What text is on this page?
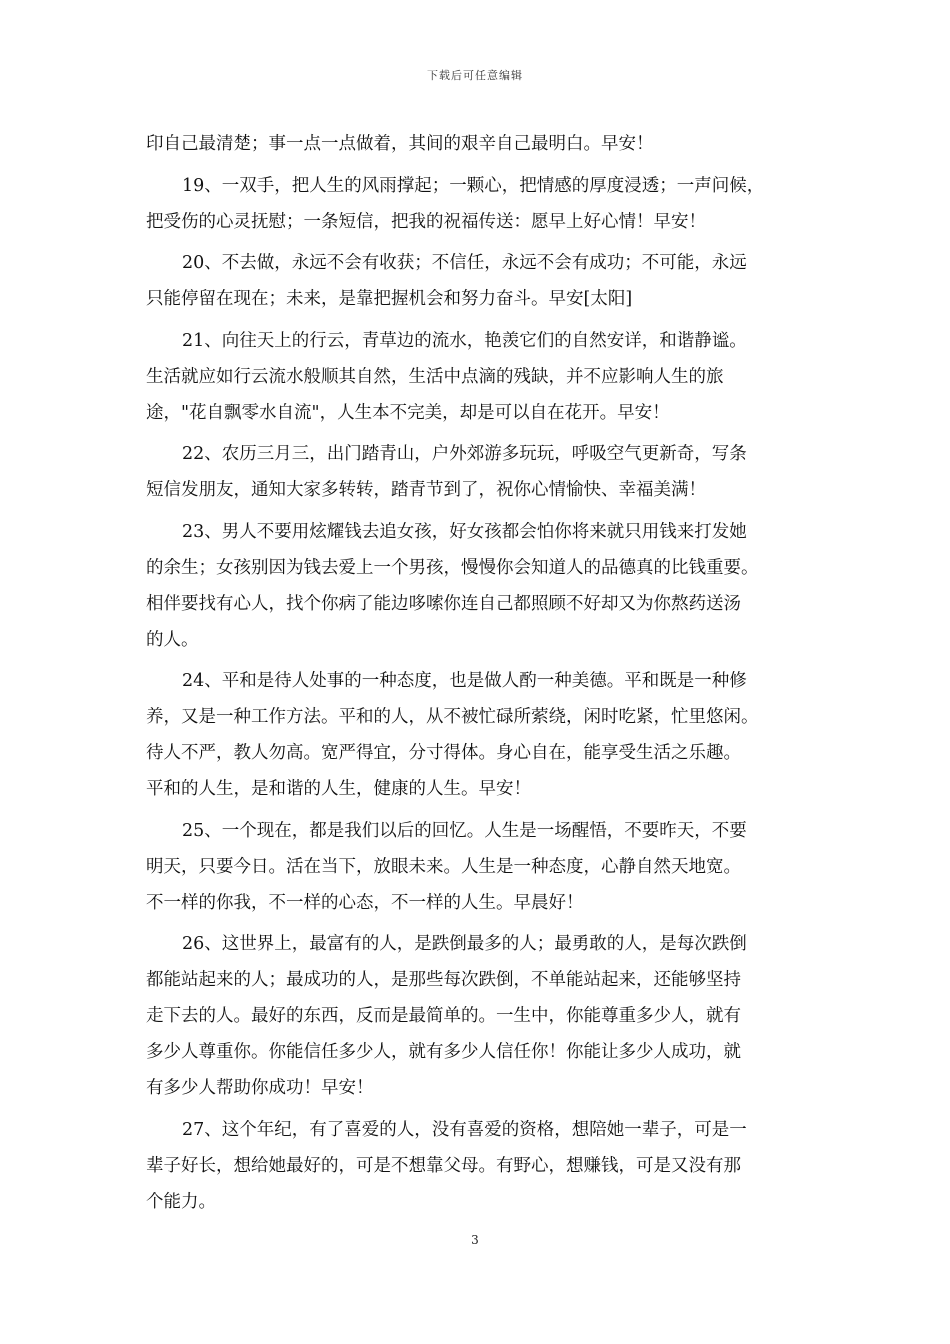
下载后可任意编辑
印自己最清楚；事一点一点做着，其间的艰辛自己最明白。早安！
19、一双手，把人生的风雨撑起；一颗心，把情感的厚度浸透；一声问候，
把受伤的心灵抚慰；一条短信，把我的祝福传送：愿早上好心情！早安！
20、不去做，永远不会有收获；不信任，永远不会有成功；不可能，永远
只能停留在现在；未来，是靠把握机会和努力奋斗。早安[太阳]
21、向往天上的行云，青草边的流水，艳羡它们的自然安详，和谐静谧。
生活就应如行云流水般顺其自然，生活中点滴的残缺，并不应影响人生的旅
途，"花自飘零水自流"，人生本不完美，却是可以自在花开。早安！
22、农历三月三，出门踏青山，户外郊游多玩玩，呼吸空气更新奇，写条
短信发朋友，通知大家多转转，踏青节到了，祝你心情愉快、幸福美满！
23、男人不要用炫耀钱去追女孩，好女孩都会怕你将来就只用钱来打发她
的余生；女孩别因为钱去爱上一个男孩，慢慢你会知道人的品德真的比钱重要。
相伴要找有心人，找个你病了能边哆嗦你连自己都照顾不好却又为你熬药送汤
的人。
24、平和是待人处事的一种态度，也是做人酌一种美德。平和既是一种修
养，又是一种工作方法。平和的人，从不被忙碌所萦绕，闲时吃紧，忙里悠闲。
待人不严，教人勿高。宽严得宜，分寸得体。身心自在，能享受生活之乐趣。
平和的人生，是和谐的人生，健康的人生。早安！
25、一个现在，都是我们以后的回忆。人生是一场醒悟，不要昨天，不要
明天，只要今日。活在当下，放眼未来。人生是一种态度，心静自然天地宽。
不一样的你我，不一样的心态，不一样的人生。早晨好！
26、这世界上，最富有的人，是跌倒最多的人；最勇敢的人，是每次跌倒
都能站起来的人；最成功的人，是那些每次跌倒，不单能站起来，还能够坚持
走下去的人。最好的东西，反而是最简单的。一生中，你能尊重多少人，就有
多少人尊重你。你能信任多少人，就有多少人信任你！你能让多少人成功，就
有多少人帮助你成功！早安！
27、这个年纪，有了喜爱的人，没有喜爱的资格，想陪她一辈子，可是一
辈子好长，想给她最好的，可是不想靠父母。有野心，想赚钱，可是又没有那
个能力。
3
